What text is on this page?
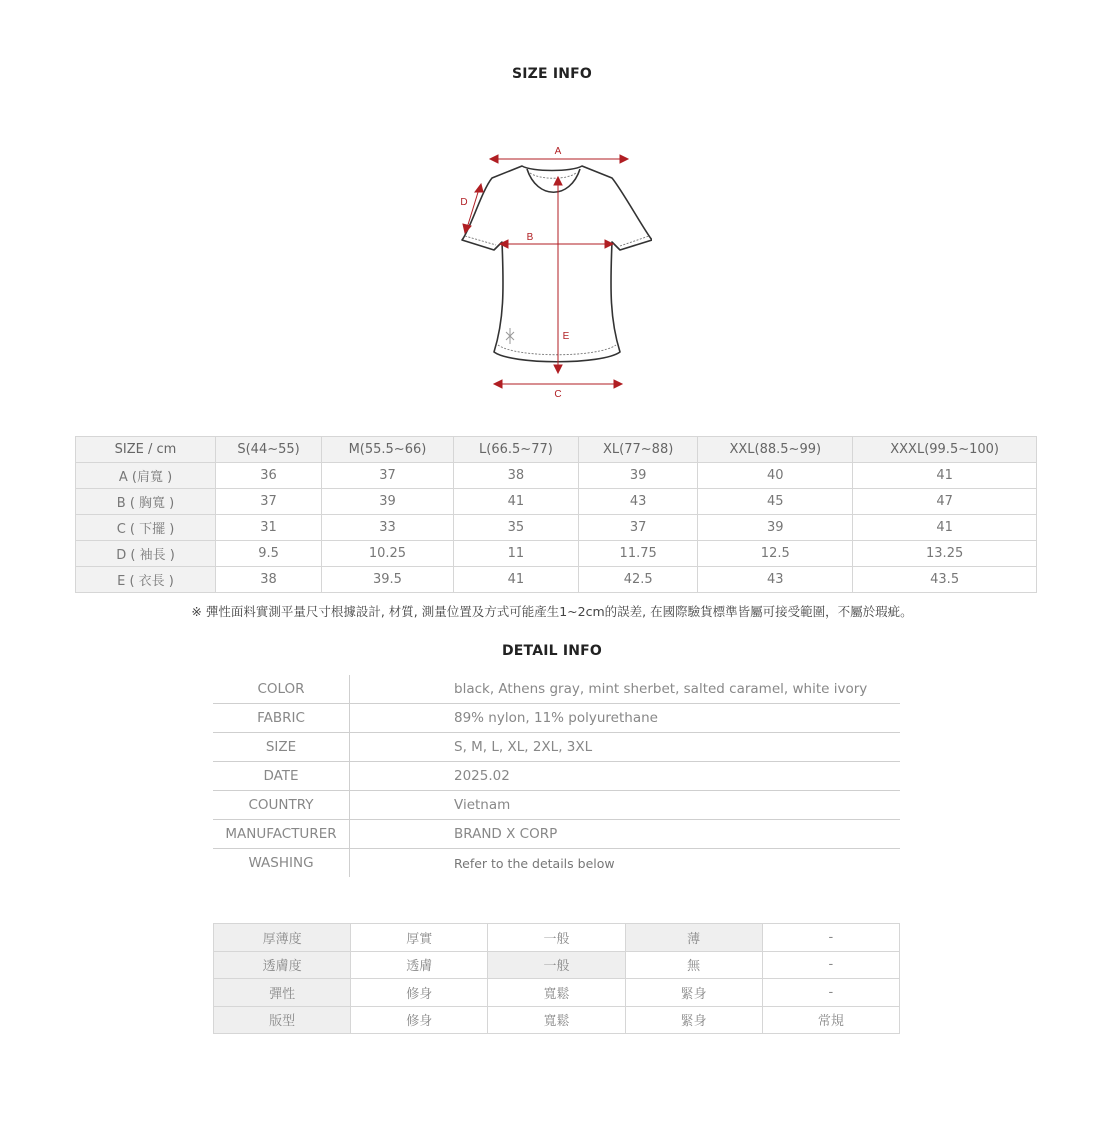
SIZE INFO
A
B
C
D
E
SIZE / cm	S(44~55)	M(55.5~66)	L(66.5~77)	XL(77~88)	XXL(88.5~99)	XXXL(99.5~100)
A (肩寬 )	36	37	38	39	40	41
B ( 胸寬 )	37	39	41	43	45	47
C ( 下擺 )	31	33	35	37	39	41
D ( 袖長 )	9.5	10.25	11	11.75	12.5	13.25
E ( 衣長 )	38	39.5	41	42.5	43	43.5
※ 彈性面料實測平量尺寸根據設計, 材質, 測量位置及方式可能產生1~2cm的誤差, 在國際驗貨標準皆屬可接受範圍，不屬於瑕疵。
DETAIL INFO
COLOR	black, Athens gray, mint sherbet, salted caramel, white ivory
FABRIC	89% nylon, 11% polyurethane
SIZE	S, M, L, XL, 2XL, 3XL
DATE	2025.02
COUNTRY	Vietnam
MANUFACTURER	BRAND X CORP
WASHING	Refer to the details below
厚薄度	厚實	一般	薄	-
透膚度	透膚	一般	無	-
彈性	修身	寬鬆	緊身	-
版型	修身	寬鬆	緊身	常規
